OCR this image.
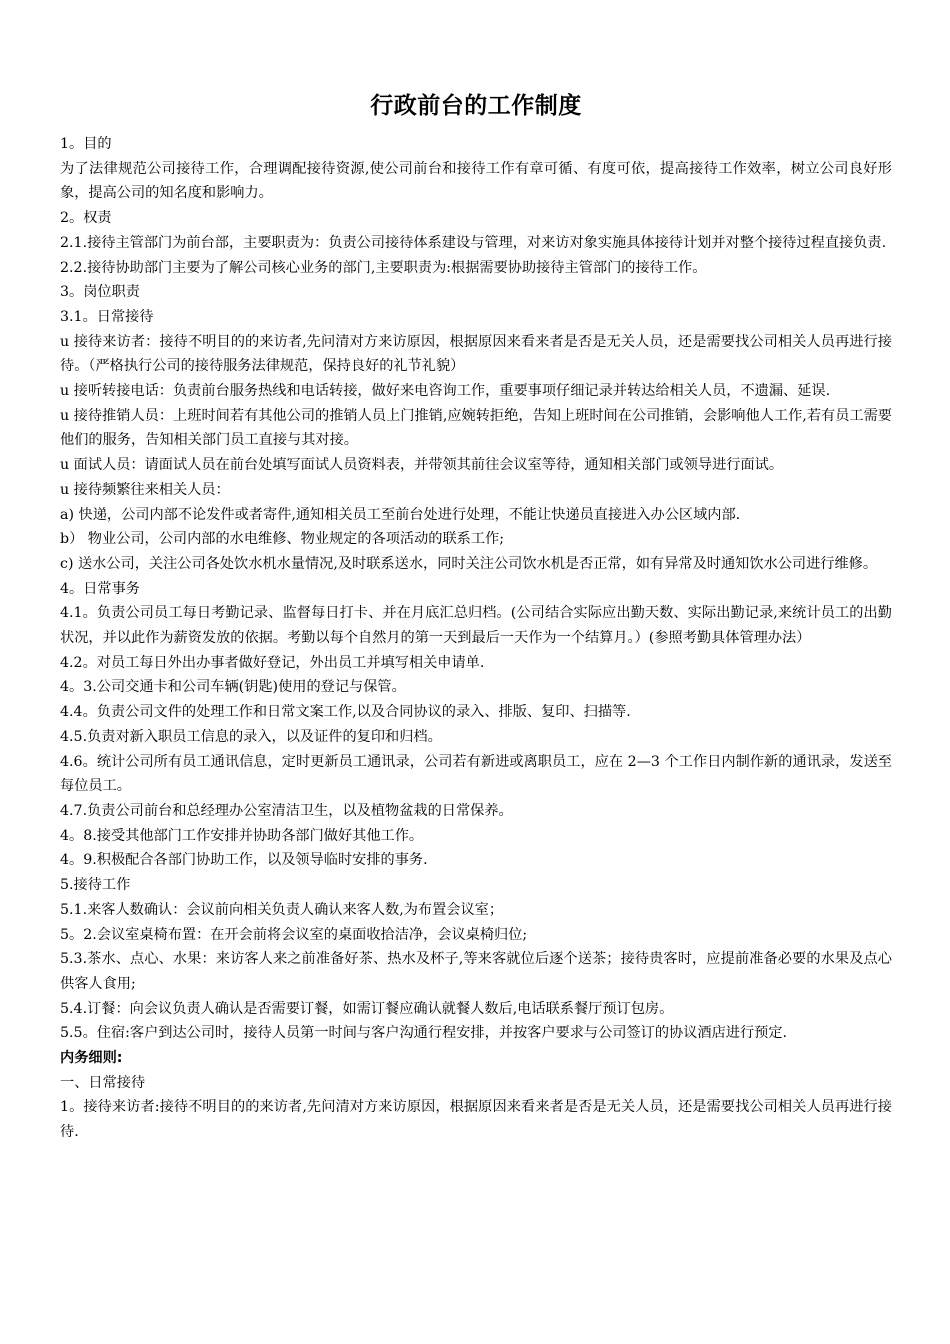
行政前台的工作制度

1。目的

为了法律规范公司接待工作，合理调配接待资源,使公司前台和接待工作有章可循、有度可依，提高接待工作效率，树立公司良好形象，提高公司的知名度和影响力。

2。权责

2.1.接待主管部门为前台部，主要职责为：负责公司接待体系建设与管理，对来访对象实施具体接待计划并对整个接待过程直接负责.

2.2.接待协助部门主要为了解公司核心业务的部门,主要职责为:根据需要协助接待主管部门的接待工作。

3。岗位职责

3.1。日常接待

u 接待来访者：接待不明目的的来访者,先问清对方来访原因，根据原因来看来者是否是无关人员，还是需要找公司相关人员再进行接待。（严格执行公司的接待服务法律规范，保持良好的礼节礼貌）

u 接听转接电话：负责前台服务热线和电话转接，做好来电咨询工作，重要事项仔细记录并转达给相关人员，不遗漏、延误.

u 接待推销人员：上班时间若有其他公司的推销人员上门推销,应婉转拒绝，告知上班时间在公司推销，会影响他人工作,若有员工需要他们的服务，告知相关部门员工直接与其对接。

u 面试人员：请面试人员在前台处填写面试人员资料表，并带领其前往会议室等待，通知相关部门或领导进行面试。

u 接待频繁往来相关人员：

a) 快递，公司内部不论发件或者寄件,通知相关员工至前台处进行处理，不能让快递员直接进入办公区域内部.

b） 物业公司，公司内部的水电维修、物业规定的各项活动的联系工作;

c) 送水公司，关注公司各处饮水机水量情况,及时联系送水，同时关注公司饮水机是否正常，如有异常及时通知饮水公司进行维修。

4。日常事务

4.1。负责公司员工每日考勤记录、监督每日打卡、并在月底汇总归档。(公司结合实际应出勤天数、实际出勤记录,来统计员工的出勤状况，并以此作为薪资发放的依据。考勤以每个自然月的第一天到最后一天作为一个结算月。）(参照考勤具体管理办法）

4.2。对员工每日外出办事者做好登记，外出员工并填写相关申请单.

4。3.公司交通卡和公司车辆(钥匙)使用的登记与保管。

4.4。负责公司文件的处理工作和日常文案工作,以及合同协议的录入、排版、复印、扫描等.

4.5.负责对新入职员工信息的录入，以及证件的复印和归档。

4.6。统计公司所有员工通讯信息，定时更新员工通讯录，公司若有新进或离职员工，应在 2—3 个工作日内制作新的通讯录，发送至每位员工。

4.7.负责公司前台和总经理办公室清洁卫生，以及植物盆栽的日常保养。

4。8.接受其他部门工作安排并协助各部门做好其他工作。

4。9.积极配合各部门协助工作，以及领导临时安排的事务.

5.接待工作

5.1.来客人数确认：会议前向相关负责人确认来客人数,为布置会议室；

5。2.会议室桌椅布置：在开会前将会议室的桌面收拾洁净，会议桌椅归位;

5.3.茶水、点心、水果：来访客人来之前准备好茶、热水及杯子,等来客就位后逐个送茶；接待贵客时，应提前准备必要的水果及点心供客人食用;

5.4.订餐：向会议负责人确认是否需要订餐，如需订餐应确认就餐人数后,电话联系餐厅预订包房。

5.5。住宿:客户到达公司时，接待人员第一时间与客户沟通行程安排，并按客户要求与公司签订的协议酒店进行预定.

内务细则:

一、日常接待

1。接待来访者:接待不明目的的来访者,先问清对方来访原因，根据原因来看来者是否是无关人员，还是需要找公司相关人员再进行接待.
